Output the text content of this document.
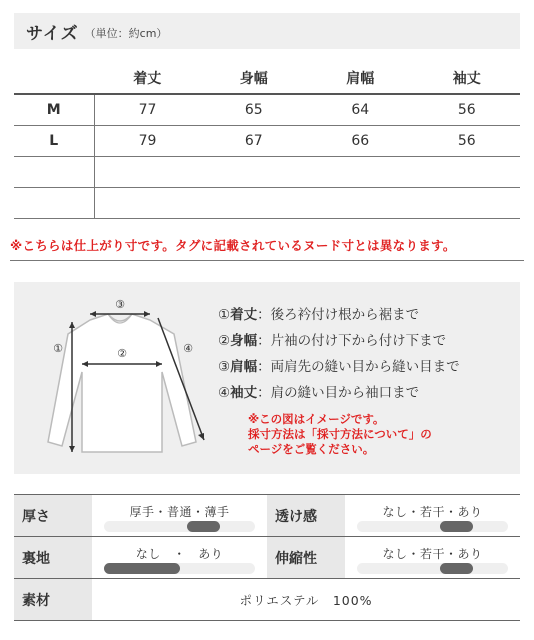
サイズ （単位：約cm）
	着丈	身幅	肩幅	袖丈
M	77	65	64	56
L	79	67	66	56

※こちらは仕上がり寸です。タグに記載されているヌード寸とは異なります。
③
②
①	④
①着丈：後ろ衿付け根から裾まで
②身幅：片袖の付け下から付け下まで
③肩幅：両肩先の縫い目から縫い目まで
④袖丈：肩の縫い目から袖口まで
※この図はイメージです。
採寸方法は「採寸方法について」の
ページをご覧ください。
厚さ	厚手・普通・薄手	透け感	なし・若干・あり

裏地	なし　・　あり	伸縮性	なし・若干・あり

素材	ポリエステル　100%		
